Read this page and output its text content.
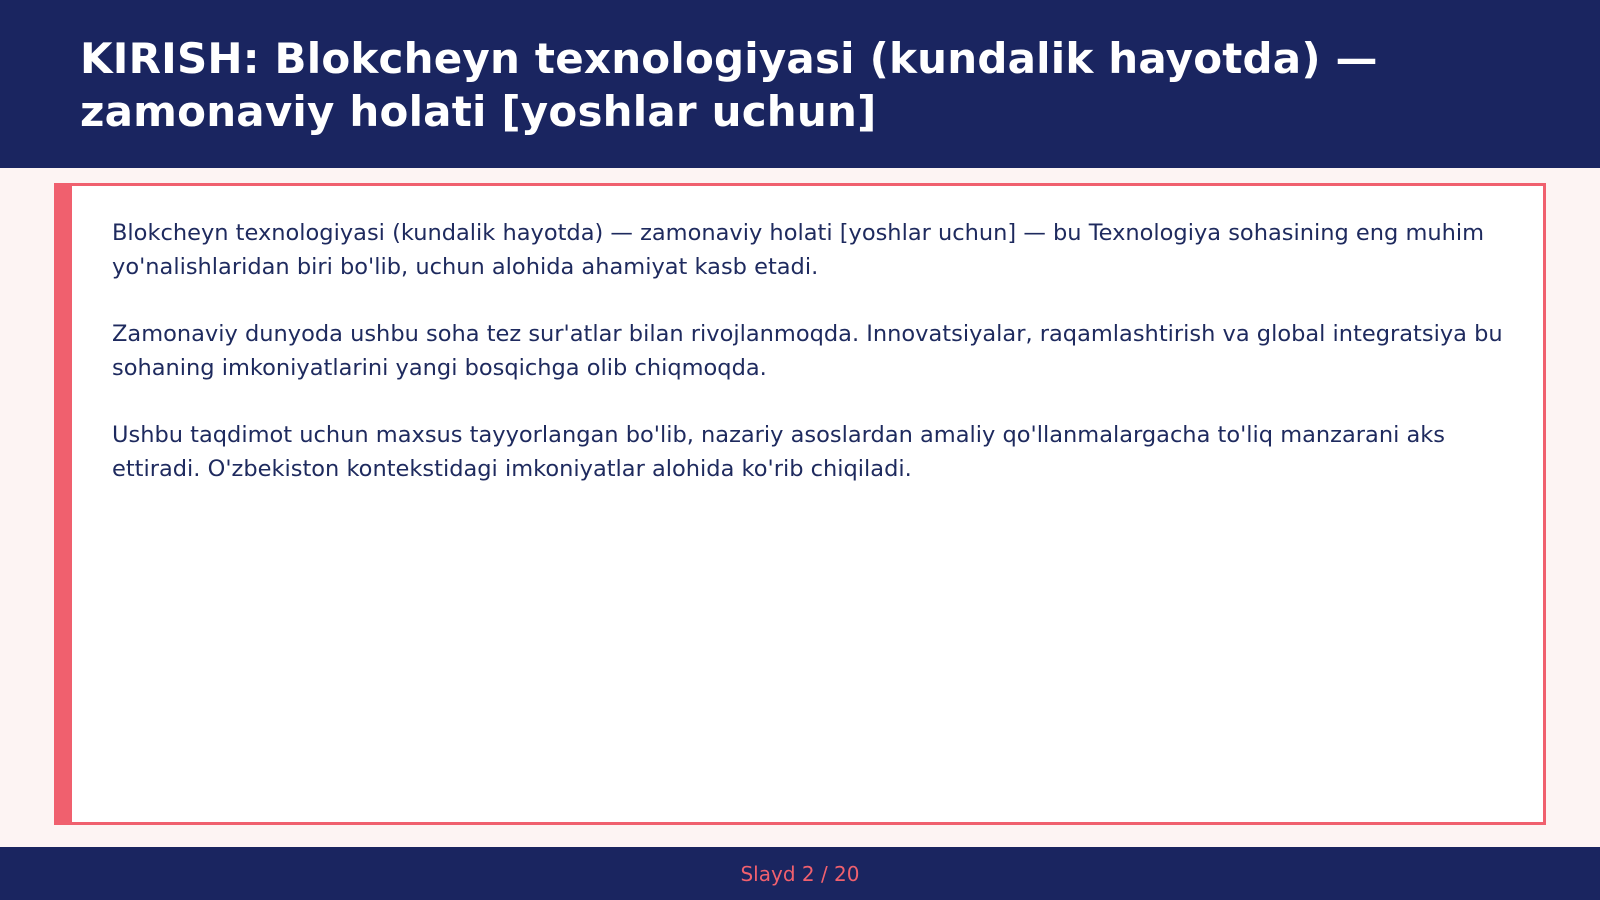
KIRISH: Blokcheyn texnologiyasi (kundalik hayotda) — zamonaviy holati [yoshlar uchun]

Blokcheyn texnologiyasi (kundalik hayotda) — zamonaviy holati [yoshlar uchun] — bu Texnologiya sohasining eng muhim yo'nalishlaridan biri bo'lib, uchun alohida ahamiyat kasb etadi.

Zamonaviy dunyoda ushbu soha tez sur'atlar bilan rivojlanmoqda. Innovatsiyalar, raqamlashtirish va global integratsiya bu sohaning imkoniyatlarini yangi bosqichga olib chiqmoqda.

Ushbu taqdimot uchun maxsus tayyorlangan bo'lib, nazariy asoslardan amaliy qo'llanmalargacha to'liq manzarani aks ettiradi. O'zbekiston kontekstidagi imkoniyatlar alohida ko'rib chiqiladi.

Slayd 2 / 20
